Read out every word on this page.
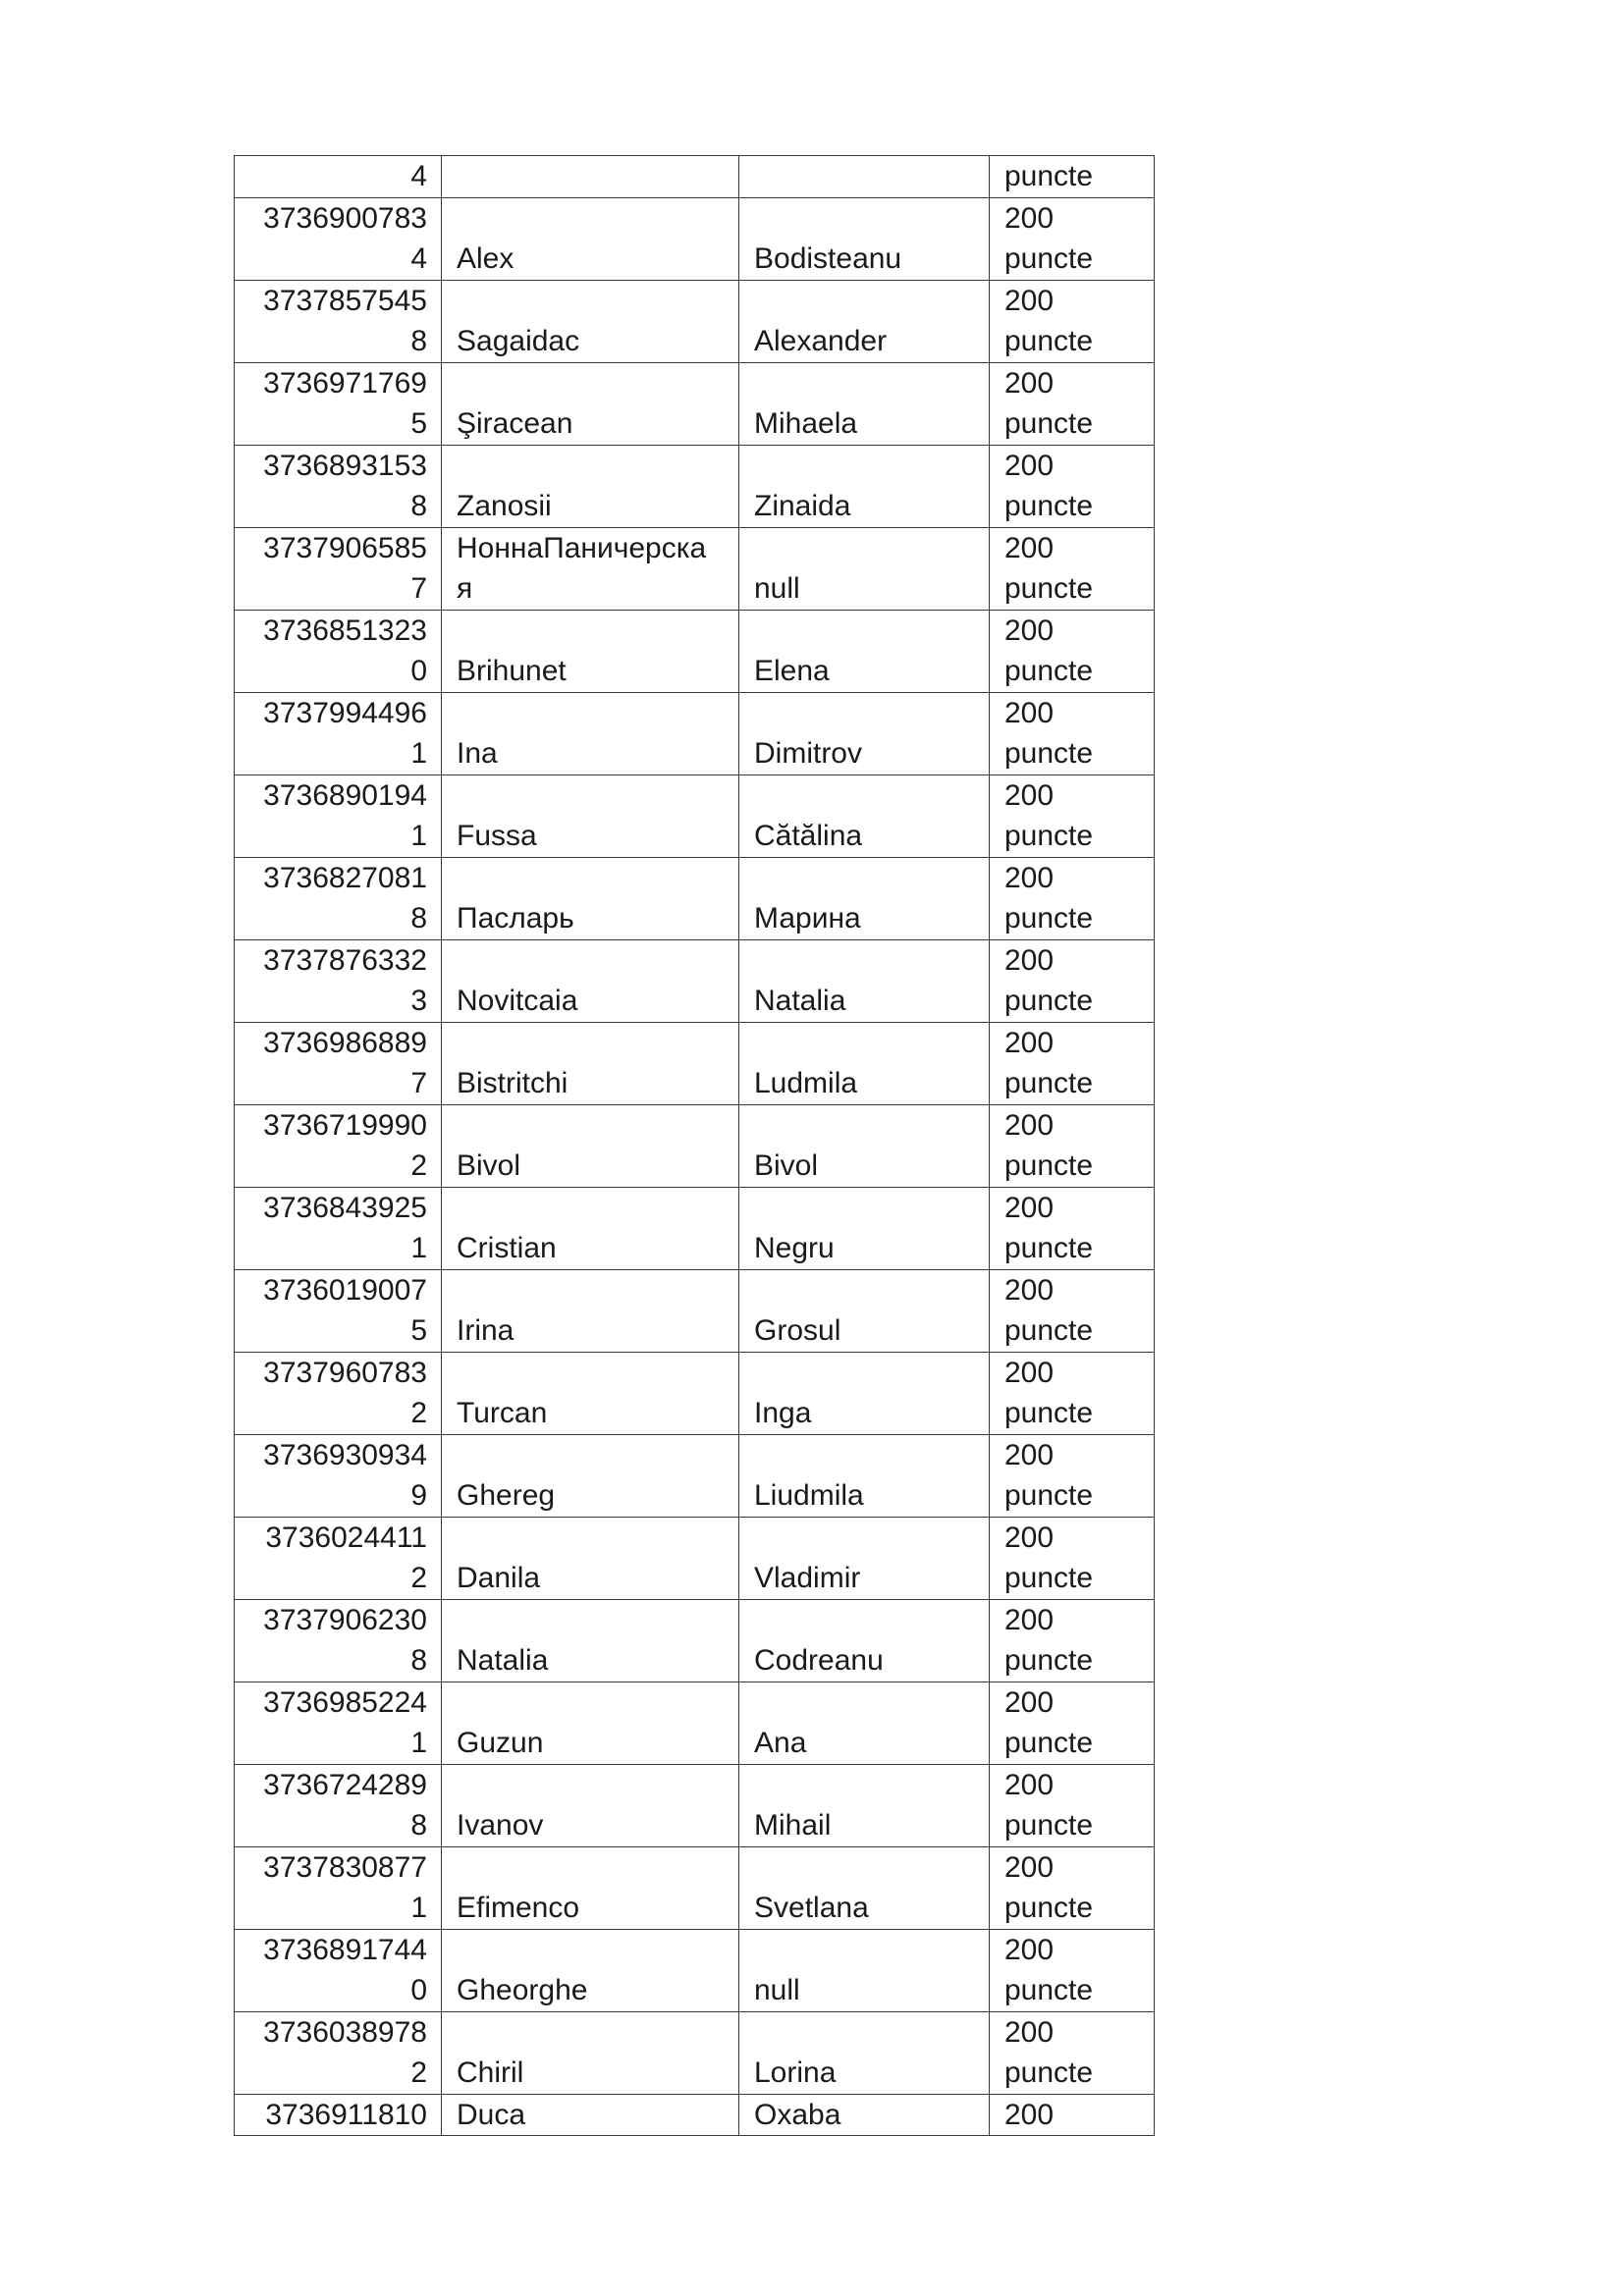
4			puncte

3736900783
4	Alex	Bodisteanu	200
puncte

3737857545
8	Sagaidac	Alexander	200
puncte

3736971769
5	Şiracean	Mihaela	200
puncte

3736893153
8	Zanosii	Zinaida	200
puncte

3737906585
7	НоннаПаничерска
я	null	200
puncte

3736851323
0	Brihunet	Elena	200
puncte

3737994496
1	Ina	Dimitrov	200
puncte

3736890194
1	Fussa	Cătălina	200
puncte

3736827081
8	Пасларь	Марина	200
puncte

3737876332
3	Novitcaia	Natalia	200
puncte

3736986889
7	Bistritchi	Ludmila	200
puncte

3736719990
2	Bivol	Bivol	200
puncte

3736843925
1	Cristian	Negru	200
puncte

3736019007
5	Irina	Grosul	200
puncte

3737960783
2	Turcan	Inga	200
puncte

3736930934
9	Ghereg	Liudmila	200
puncte

3736024411
2	Danila	Vladimir	200
puncte

3737906230
8	Natalia	Codreanu	200
puncte

3736985224
1	Guzun	Ana	200
puncte

3736724289
8	Ivanov	Mihail	200
puncte

3737830877
1	Efimenco	Svetlana	200
puncte

3736891744
0	Gheorghe	null	200
puncte

3736038978
2	Chiril	Lorina	200
puncte

3736911810	Duca	Oxaba	200
